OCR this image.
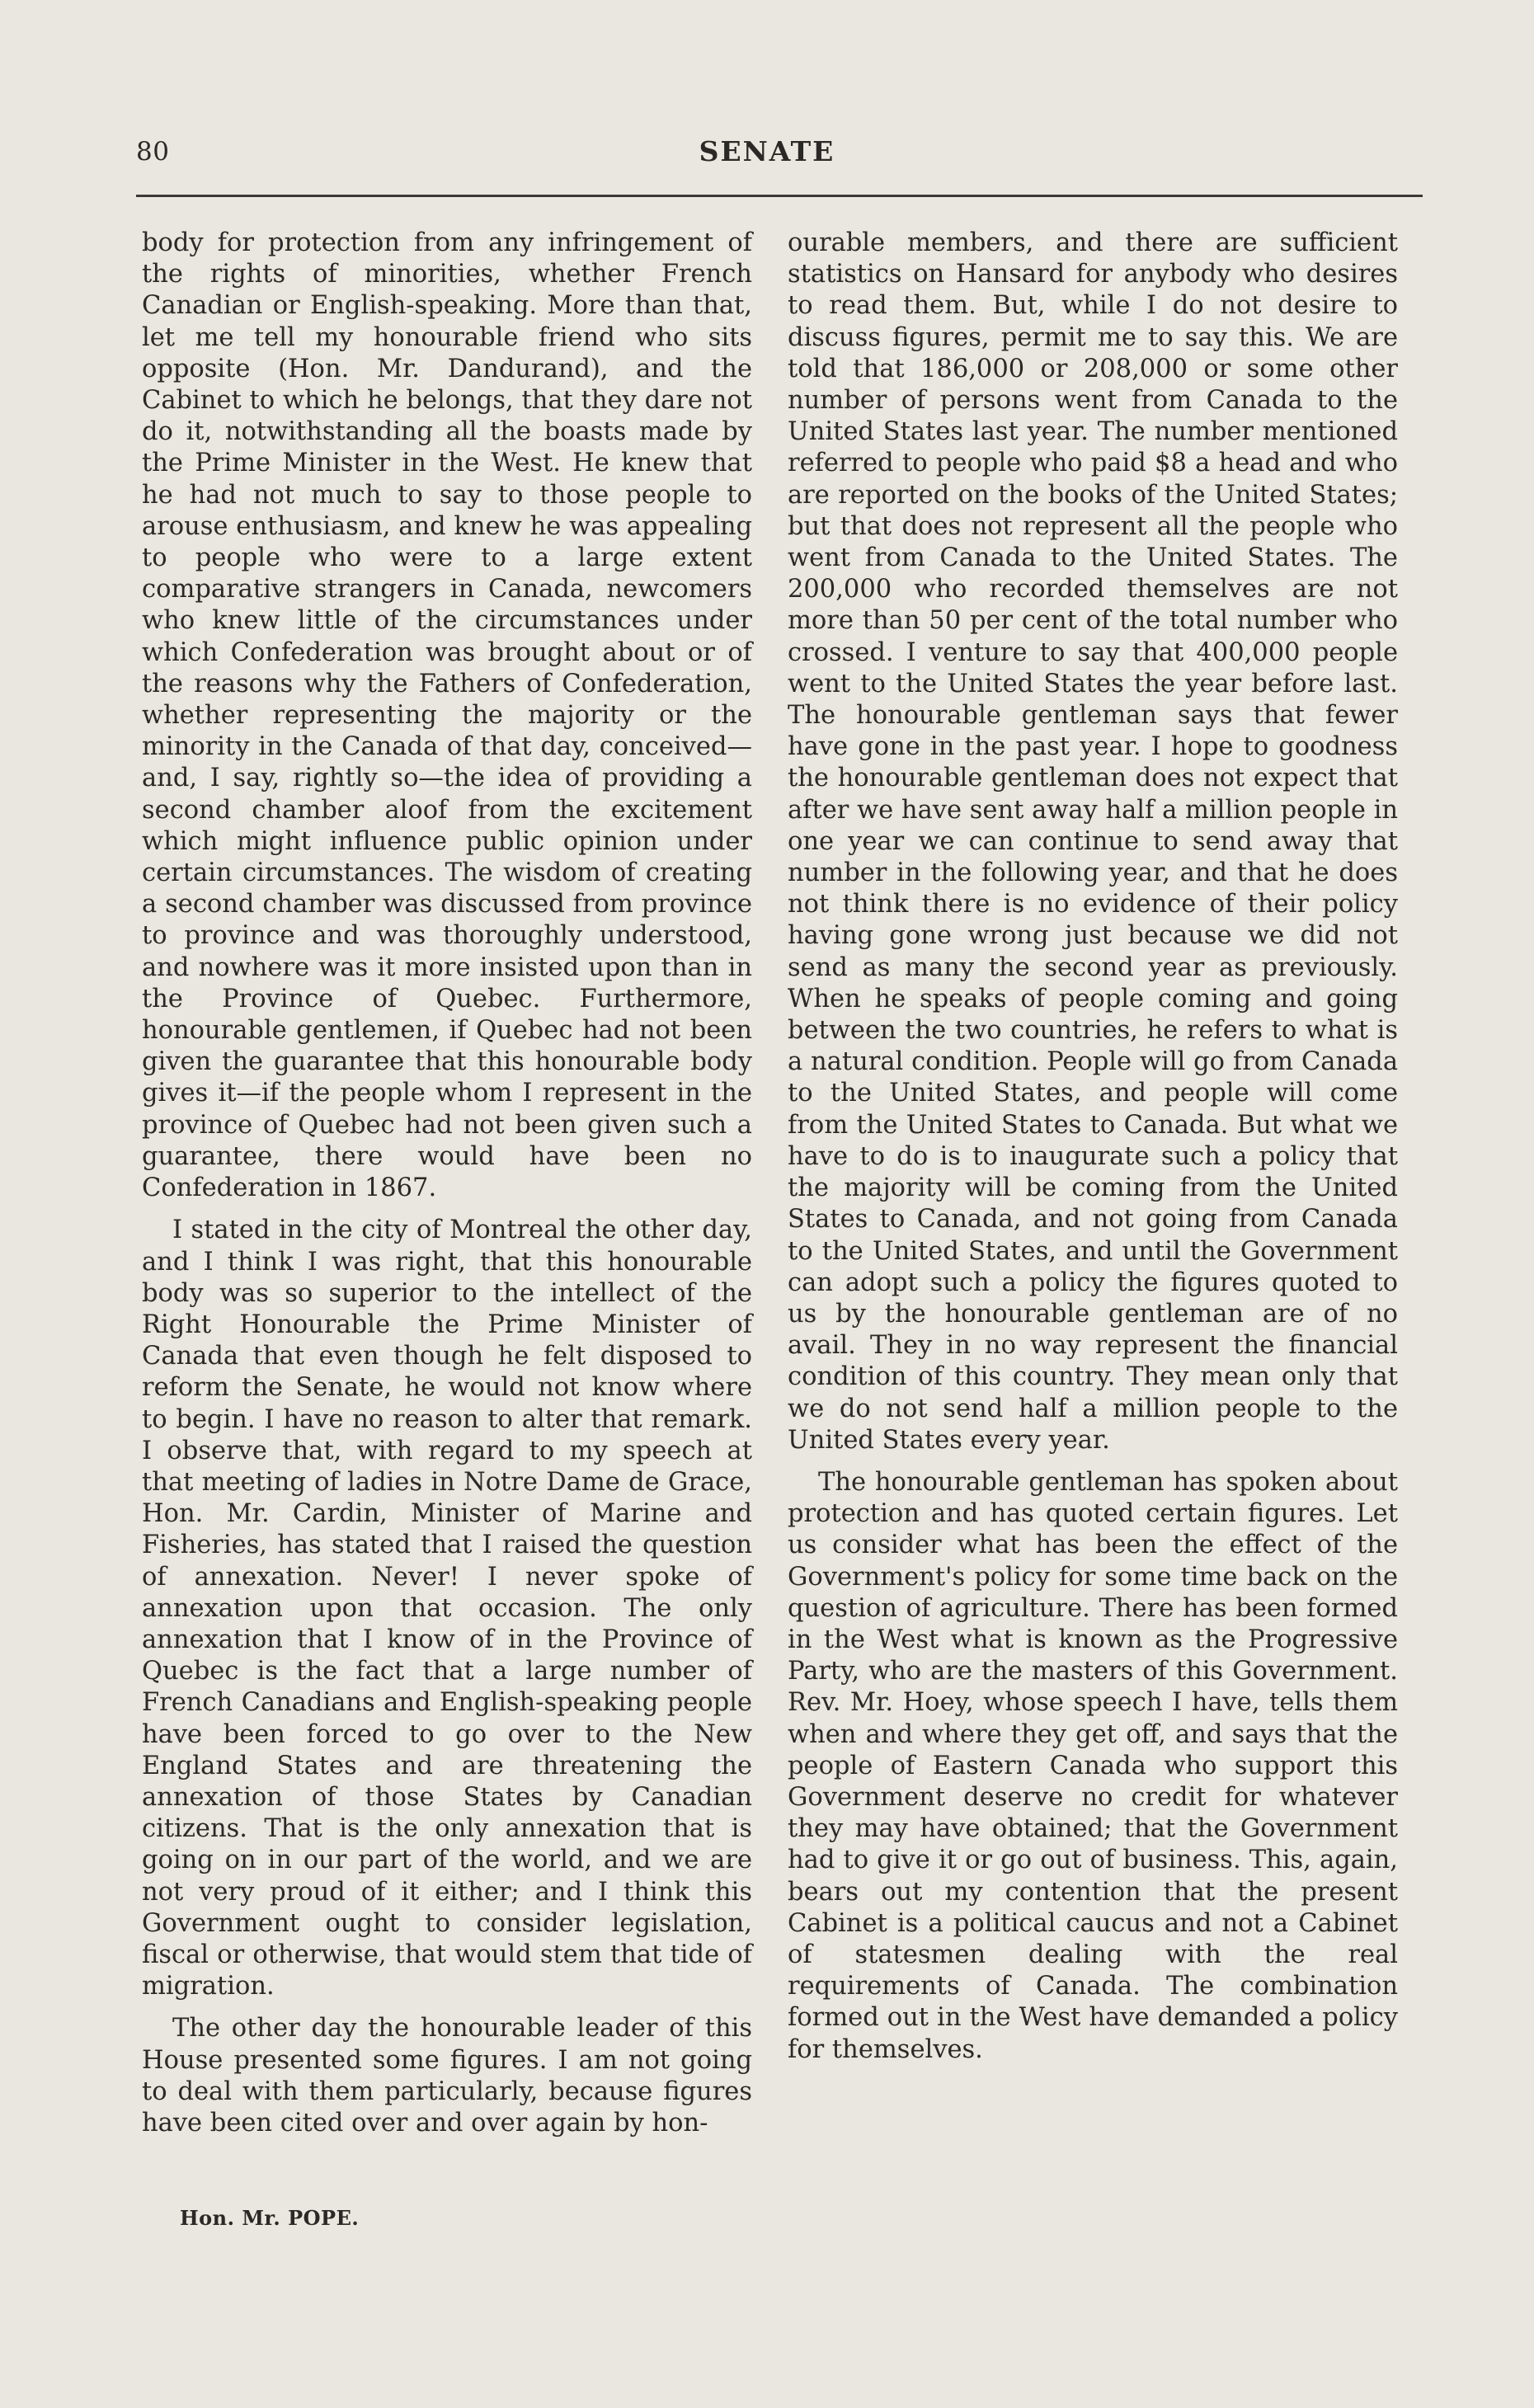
80	SENATE

body for protection from any infringement of the rights of minorities, whether French Canadian or English-speaking. More than that, let me tell my honourable friend who sits opposite (Hon. Mr. Dandurand), and the Cabinet to which he belongs, that they dare not do it, notwithstanding all the boasts made by the Prime Minister in the West. He knew that he had not much to say to those people to arouse enthusiasm, and knew he was appealing to people who were to a large extent comparative strangers in Canada, newcomers who knew little of the circumstances under which Confederation was brought about or of the reasons why the Fathers of Confederation, whether representing the majority or the minority in the Canada of that day, conceived—and, I say, rightly so—the idea of providing a second chamber aloof from the excitement which might influence public opinion under certain circumstances. The wisdom of creating a second chamber was discussed from province to province and was thoroughly understood, and nowhere was it more insisted upon than in the Province of Quebec. Furthermore, honourable gentlemen, if Quebec had not been given the guarantee that this honourable body gives it—if the people whom I represent in the province of Quebec had not been given such a guarantee, there would have been no Confederation in 1867.

I stated in the city of Montreal the other day, and I think I was right, that this honourable body was so superior to the intellect of the Right Honourable the Prime Minister of Canada that even though he felt disposed to reform the Senate, he would not know where to begin. I have no reason to alter that remark. I observe that, with regard to my speech at that meeting of ladies in Notre Dame de Grace, Hon. Mr. Cardin, Minister of Marine and Fisheries, has stated that I raised the question of annexation. Never! I never spoke of annexation upon that occasion. The only annexation that I know of in the Province of Quebec is the fact that a large number of French Canadians and English-speaking people have been forced to go over to the New England States and are threatening the annexation of those States by Canadian citizens. That is the only annexation that is going on in our part of the world, and we are not very proud of it either; and I think this Government ought to consider legislation, fiscal or otherwise, that would stem that tide of migration.

The other day the honourable leader of this House presented some figures. I am not going to deal with them particularly, because figures have been cited over and over again by hon-

ourable members, and there are sufficient statistics on Hansard for anybody who desires to read them. But, while I do not desire to discuss figures, permit me to say this. We are told that 186,000 or 208,000 or some other number of persons went from Canada to the United States last year. The number mentioned referred to people who paid $8 a head and who are reported on the books of the United States; but that does not represent all the people who went from Canada to the United States. The 200,000 who recorded themselves are not more than 50 per cent of the total number who crossed. I venture to say that 400,000 people went to the United States the year before last. The honourable gentleman says that fewer have gone in the past year. I hope to goodness the honourable gentleman does not expect that after we have sent away half a million people in one year we can continue to send away that number in the following year, and that he does not think there is no evidence of their policy having gone wrong just because we did not send as many the second year as previously. When he speaks of people coming and going between the two countries, he refers to what is a natural condition. People will go from Canada to the United States, and people will come from the United States to Canada. But what we have to do is to inaugurate such a policy that the majority will be coming from the United States to Canada, and not going from Canada to the United States, and until the Government can adopt such a policy the figures quoted to us by the honourable gentleman are of no avail. They in no way represent the financial condition of this country. They mean only that we do not send half a million people to the United States every year.

The honourable gentleman has spoken about protection and has quoted certain figures. Let us consider what has been the effect of the Government's policy for some time back on the question of agriculture. There has been formed in the West what is known as the Progressive Party, who are the masters of this Government. Rev. Mr. Hoey, whose speech I have, tells them when and where they get off, and says that the people of Eastern Canada who support this Government deserve no credit for whatever they may have obtained; that the Government had to give it or go out of business. This, again, bears out my contention that the present Cabinet is a political caucus and not a Cabinet of statesmen dealing with the real requirements of Canada. The combination formed out in the West have demanded a policy for themselves.

Hon. Mr. POPE.
